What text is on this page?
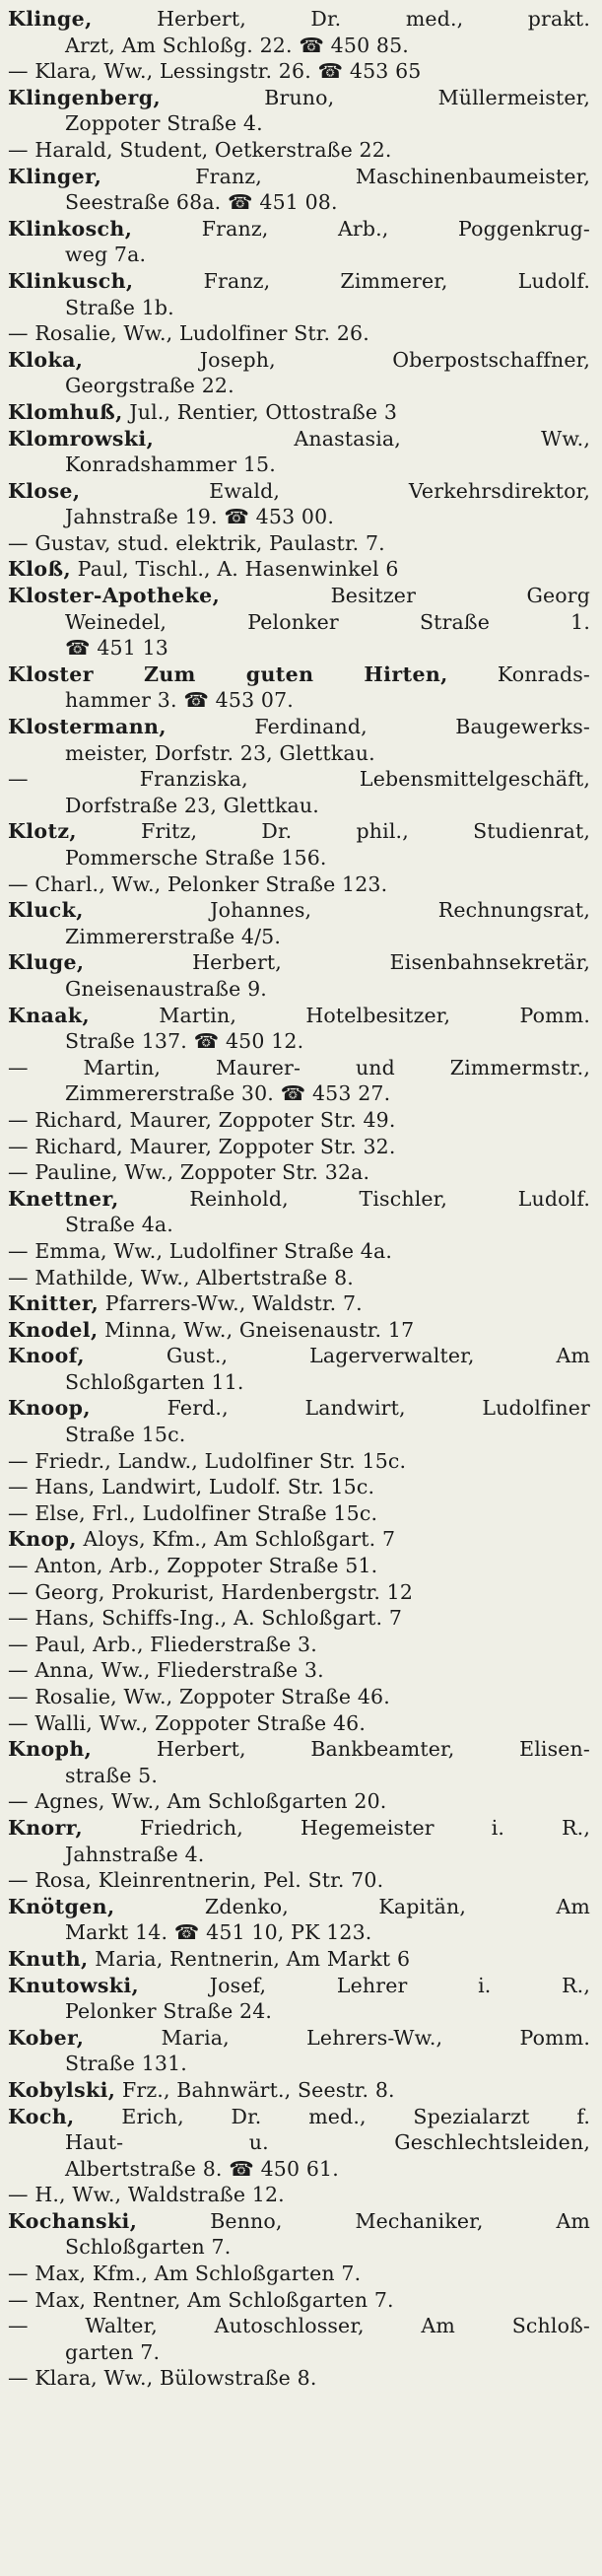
Klinge, Herbert, Dr. med., prakt.
Arzt, Am Schloßg. 22. ☎ 450 85.
— Klara, Ww., Lessingstr. 26. ☎ 453 65
Klingenberg, Bruno, Müllermeister,
Zoppoter Straße 4.
— Harald, Student, Oetkerstraße 22.
Klinger, Franz, Maschinenbaumeister,
Seestraße 68a. ☎ 451 08.
Klinkosch, Franz, Arb., Poggenkrug-
weg 7a.
Klinkusch, Franz, Zimmerer, Ludolf.
Straße 1b.
— Rosalie, Ww., Ludolfiner Str. 26.
Kloka, Joseph, Oberpostschaffner,
Georgstraße 22.
Klomhuß, Jul., Rentier, Ottostraße 3
Klomrowski, Anastasia, Ww.,
Konradshammer 15.
Klose, Ewald, Verkehrsdirektor,
Jahnstraße 19. ☎ 453 00.
— Gustav, stud. elektrik, Paulastr. 7.
Kloß, Paul, Tischl., A. Hasenwinkel 6
Kloster-Apotheke, Besitzer Georg
Weinedel, Pelonker Straße 1.
☎ 451 13
Kloster Zum guten Hirten, Konrads-
hammer 3. ☎ 453 07.
Klostermann, Ferdinand, Baugewerks-
meister, Dorfstr. 23, Glettkau.
— Franziska, Lebensmittelgeschäft,
Dorfstraße 23, Glettkau.
Klotz, Fritz, Dr. phil., Studienrat,
Pommersche Straße 156.
— Charl., Ww., Pelonker Straße 123.
Kluck, Johannes, Rechnungsrat,
Zimmererstraße 4/5.
Kluge, Herbert, Eisenbahnsekretär,
Gneisenaustraße 9.
Knaak, Martin, Hotelbesitzer, Pomm.
Straße 137. ☎ 450 12.
— Martin, Maurer- und Zimmermstr.,
Zimmererstraße 30. ☎ 453 27.
— Richard, Maurer, Zoppoter Str. 49.
— Richard, Maurer, Zoppoter Str. 32.
— Pauline, Ww., Zoppoter Str. 32a.
Knettner, Reinhold, Tischler, Ludolf.
Straße 4a.
— Emma, Ww., Ludolfiner Straße 4a.
— Mathilde, Ww., Albertstraße 8.
Knitter, Pfarrers-Ww., Waldstr. 7.
Knodel, Minna, Ww., Gneisenaustr. 17
Knoof, Gust., Lagerverwalter, Am
Schloßgarten 11.
Knoop, Ferd., Landwirt, Ludolfiner
Straße 15c.
— Friedr., Landw., Ludolfiner Str. 15c.
— Hans, Landwirt, Ludolf. Str. 15c.
— Else, Frl., Ludolfiner Straße 15c.
Knop, Aloys, Kfm., Am Schloßgart. 7
— Anton, Arb., Zoppoter Straße 51.
— Georg, Prokurist, Hardenbergstr. 12
— Hans, Schiffs-Ing., A. Schloßgart. 7
— Paul, Arb., Fliederstraße 3.
— Anna, Ww., Fliederstraße 3.
— Rosalie, Ww., Zoppoter Straße 46.
— Walli, Ww., Zoppoter Straße 46.
Knoph, Herbert, Bankbeamter, Elisen-
straße 5.
— Agnes, Ww., Am Schloßgarten 20.
Knorr, Friedrich, Hegemeister i. R.,
Jahnstraße 4.
— Rosa, Kleinrentnerin, Pel. Str. 70.
Knötgen, Zdenko, Kapitän, Am
Markt 14. ☎ 451 10, PK 123.
Knuth, Maria, Rentnerin, Am Markt 6
Knutowski, Josef, Lehrer i. R.,
Pelonker Straße 24.
Kober, Maria, Lehrers-Ww., Pomm.
Straße 131.
Kobylski, Frz., Bahnwärt., Seestr. 8.
Koch, Erich, Dr. med., Spezialarzt f.
Haut- u. Geschlechtsleiden,
Albertstraße 8. ☎ 450 61.
— H., Ww., Waldstraße 12.
Kochanski, Benno, Mechaniker, Am
Schloßgarten 7.
— Max, Kfm., Am Schloßgarten 7.
— Max, Rentner, Am Schloßgarten 7.
— Walter, Autoschlosser, Am Schloß-
garten 7.
— Klara, Ww., Bülowstraße 8.
